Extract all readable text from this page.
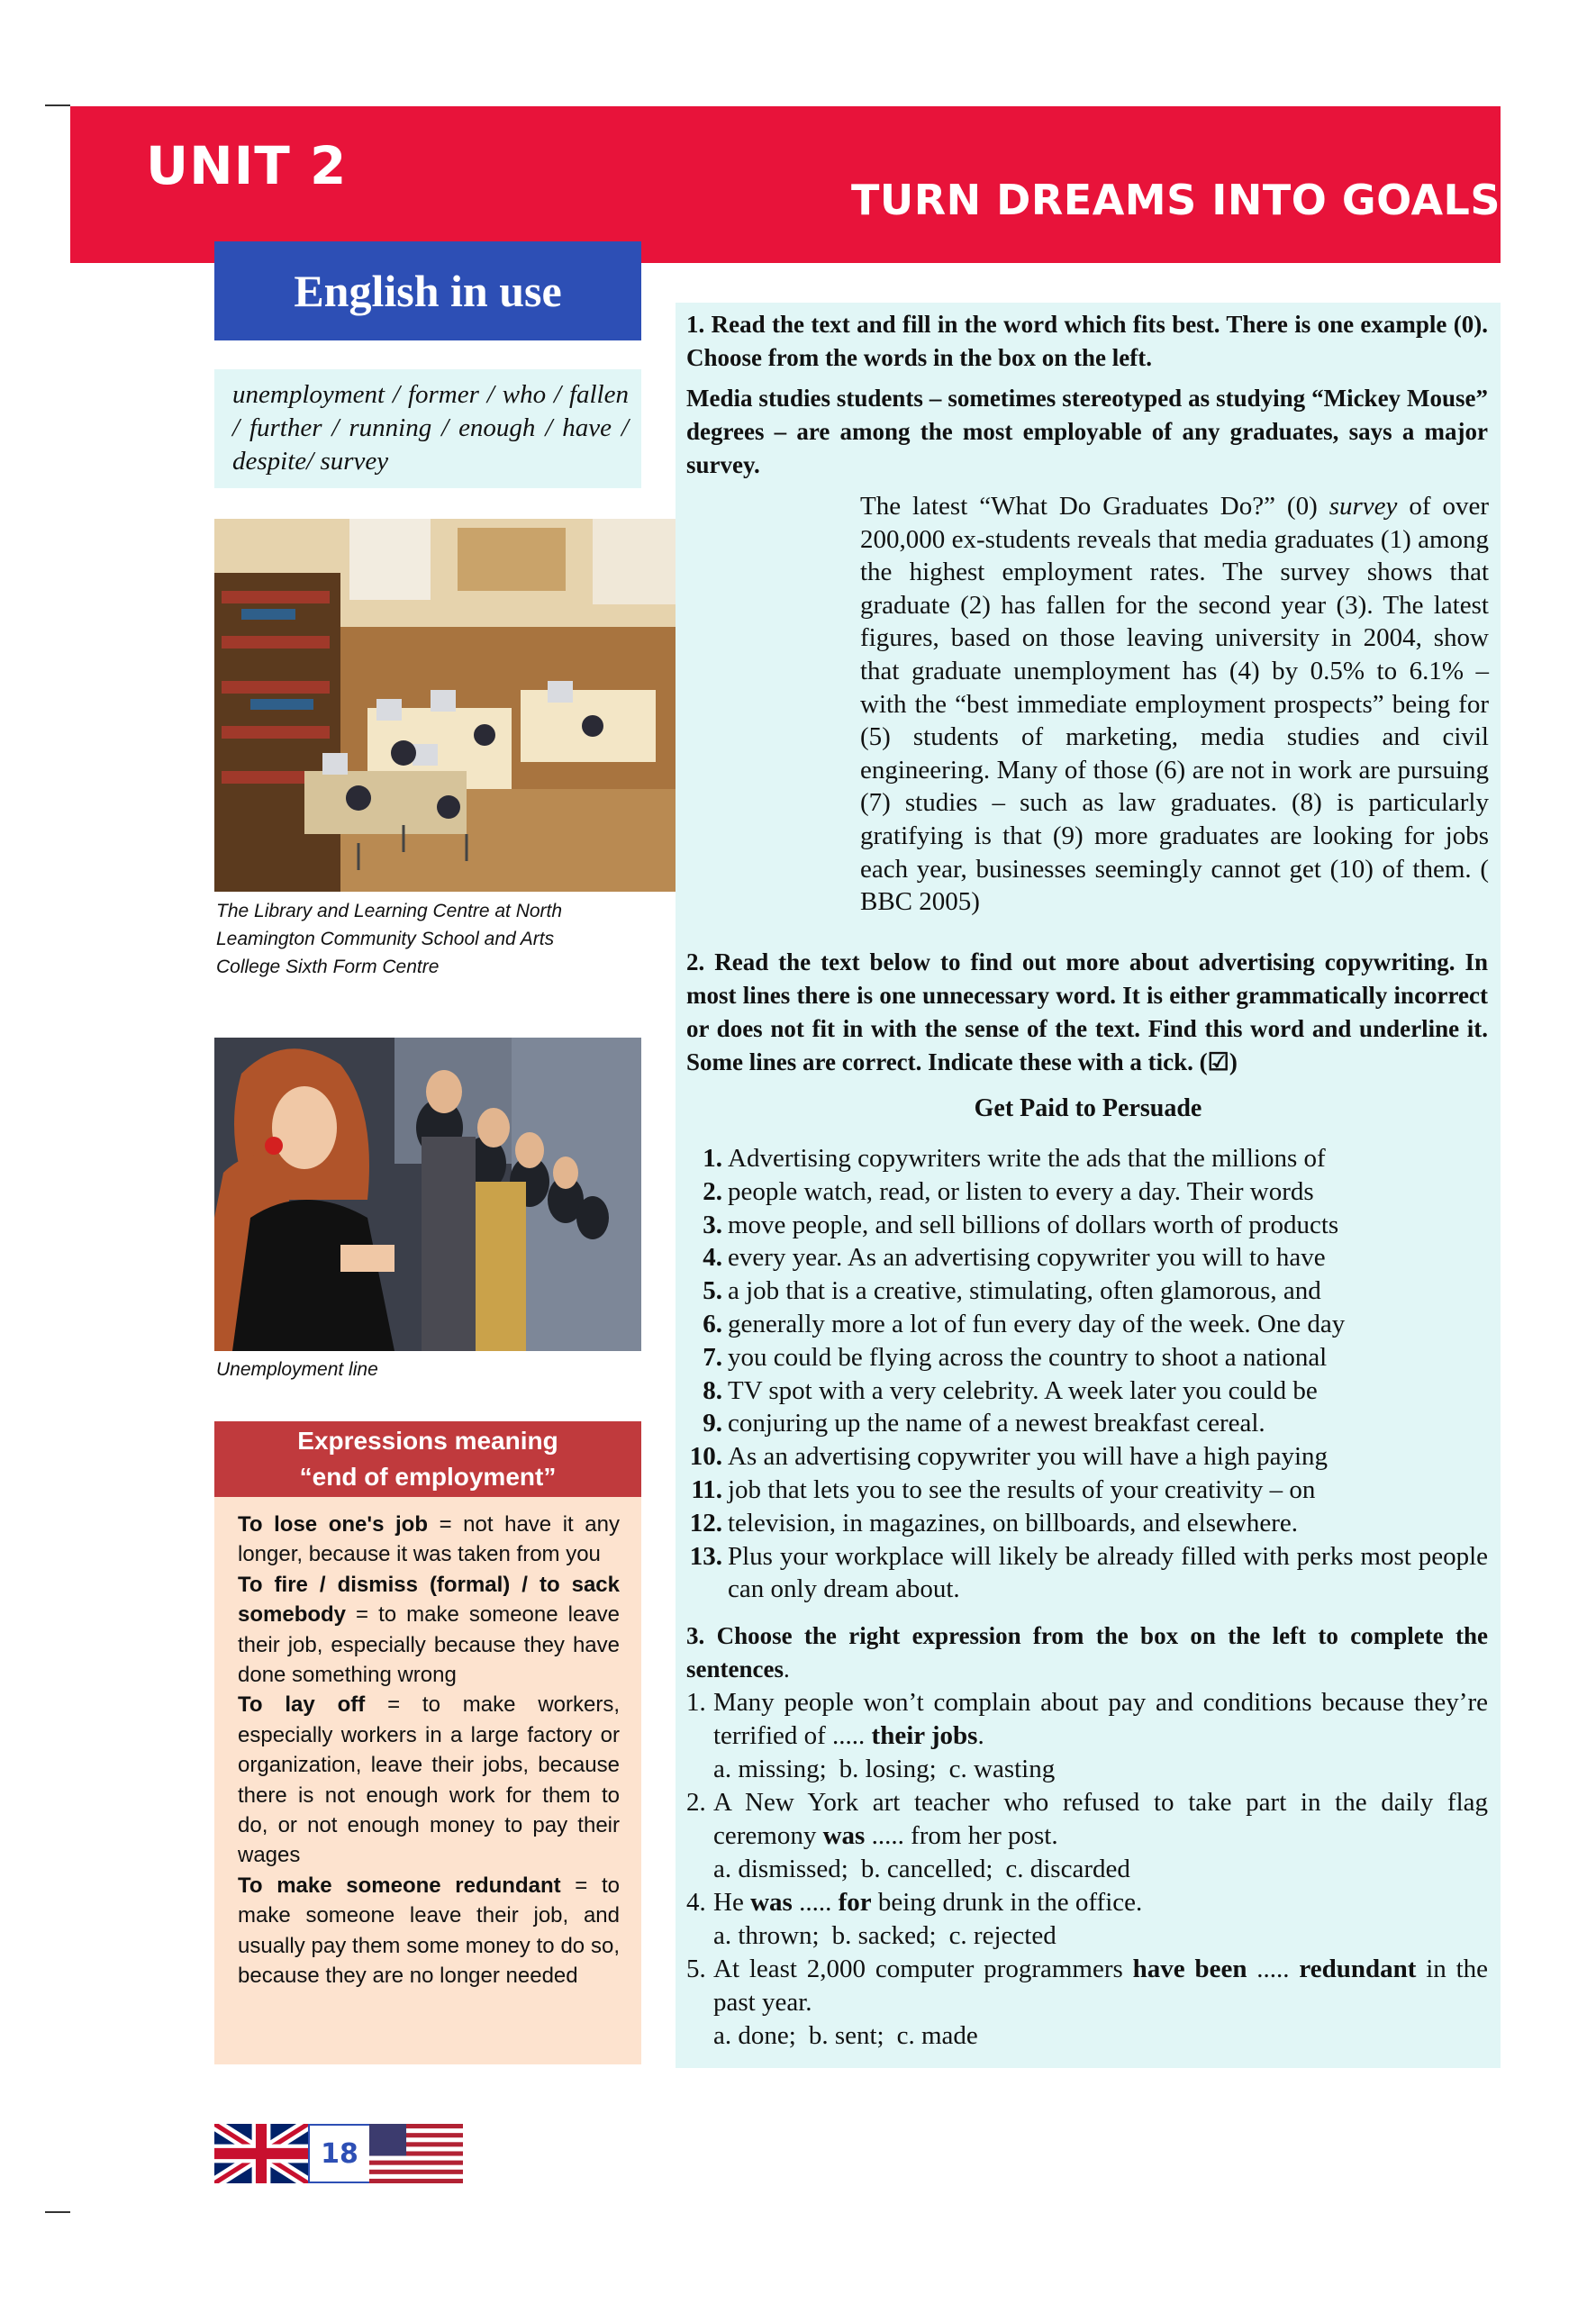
UNIT 2
TURN DREAMS INTO GOALS
English in use
unemployment / former / who / fallen / further / running / enough / have / despite/ survey
The Library and Learning Centre at North Leamington Community School and Arts College Sixth Form Centre
Unemployment line
Expressions meaning
“end of employment”

To lose one's job = not have it any longer, because it was taken from you

To fire / dismiss (formal) / to sack somebody = to make someone leave their job, especially because they have done something wrong

To lay off = to make workers, especially workers in a large factory or organization, leave their jobs, because there is not enough work for them to do, or not enough money to pay their wages

To make someone redundant = to make someone leave their job, and usually pay them some money to do so, because they are no longer needed

1. Read the text and fill in the word which fits best. There is one example (0). Choose from the words in the box on the left.
Media studies students – sometimes stereotyped as studying “Mickey Mouse” degrees – are among the most employable of any graduates, says a major survey.

The latest “What Do Graduates Do?” (0) survey of over 200,000 ex-students reveals that media graduates (1) among the highest employment rates. The survey shows that graduate (2) has fallen for the second year (3). The latest figures, based on those leaving university in 2004, show that graduate unemployment has (4) by 0.5% to 6.1% – with the “best immediate employment prospects” being for (5) students of marketing, media studies and civil engineering. Many of those (6) are not in work are pursuing (7) studies – such as law graduates. (8) is particularly gratifying is that (9) more graduates are looking for jobs each year, businesses seemingly cannot get (10) of them. ( BBC 2005)

2. Read the text below to find out more about advertising copywriting. In most lines there is one unnecessary word. It is either grammatically incorrect or does not fit in with the sense of the text. Find this word and underline it. Some lines are correct. Indicate these with a tick. (☑)
Get Paid to Persuade
1. Advertising copywriters write the ads that the millions of
2. people watch, read, or listen to every a day. Their words
3. move people, and sell billions of dollars worth of products
4. every year. As an advertising copywriter you will to have
5. a job that is a creative, stimulating, often glamorous, and
6. generally more a lot of fun every day of the week. One day
7. you could be flying across the country to shoot a national
8. TV spot with a very celebrity. A week later you could be
9. conjuring up the name of a newest breakfast cereal.
10. As an advertising copywriter you will have a high paying
11. job that lets you to see the results of your creativity – on
12. television, in magazines, on billboards, and elsewhere.
13. Plus your workplace will likely be already filled with perks most people can only dream about.
3. Choose the right expression from the box on the left to complete the sentences.
1. Many people won’t complain about pay and conditions because they’re terrified of ..... their jobs.
a. missing; b. losing; c. wasting
2. A New York art teacher who refused to take part in the daily flag ceremony was ..... from her post.
a. dismissed; b. cancelled; c. discarded
4. He was ..... for being drunk in the office.
a. thrown; b. sacked; c. rejected
5. At least 2,000 computer programmers have been ..... redundant in the past year.
a. done; b. sent; c. made
18
